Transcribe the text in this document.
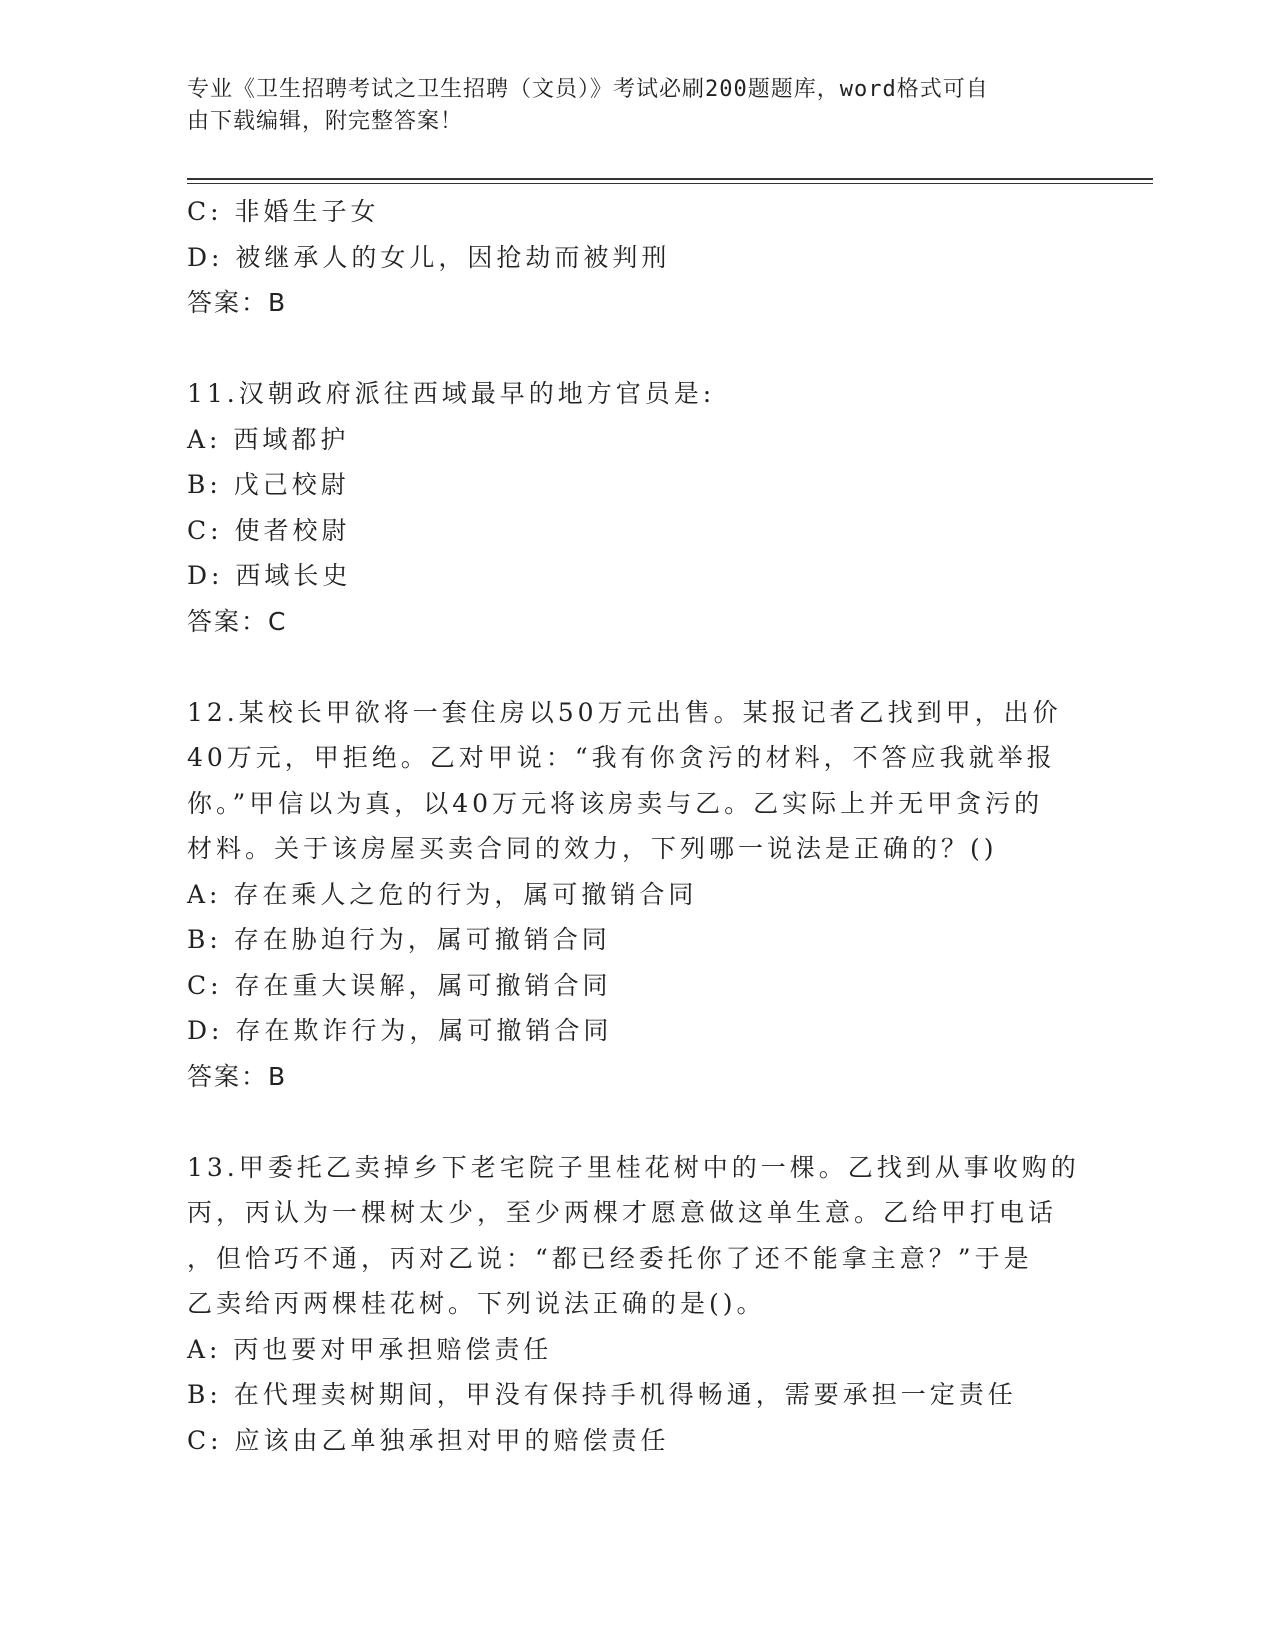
专业《卫生招聘考试之卫生招聘（文员）》考试必刷200题题库，word格式可自
由下载编辑，附完整答案！
C: 非婚生子女
D: 被继承人的女儿，因抢劫而被判刑
答案：B
11.汉朝政府派往西域最早的地方官员是:
A: 西域都护
B: 戊己校尉
C: 使者校尉
D: 西域长史
答案：C
12.某校长甲欲将一套住房以50万元出售。某报记者乙找到甲，出价
40万元，甲拒绝。乙对甲说：“我有你贪污的材料，不答应我就举报
你。”甲信以为真，以40万元将该房卖与乙。乙实际上并无甲贪污的
材料。关于该房屋买卖合同的效力，下列哪一说法是正确的？()
A: 存在乘人之危的行为，属可撤销合同
B: 存在胁迫行为，属可撤销合同
C: 存在重大误解，属可撤销合同
D: 存在欺诈行为，属可撤销合同
答案：B
13.甲委托乙卖掉乡下老宅院子里桂花树中的一棵。乙找到从事收购的
丙，丙认为一棵树太少，至少两棵才愿意做这单生意。乙给甲打电话
，但恰巧不通，丙对乙说：“都已经委托你了还不能拿主意？”于是
乙卖给丙两棵桂花树。下列说法正确的是()。
A: 丙也要对甲承担赔偿责任
B: 在代理卖树期间，甲没有保持手机得畅通，需要承担一定责任
C: 应该由乙单独承担对甲的赔偿责任
